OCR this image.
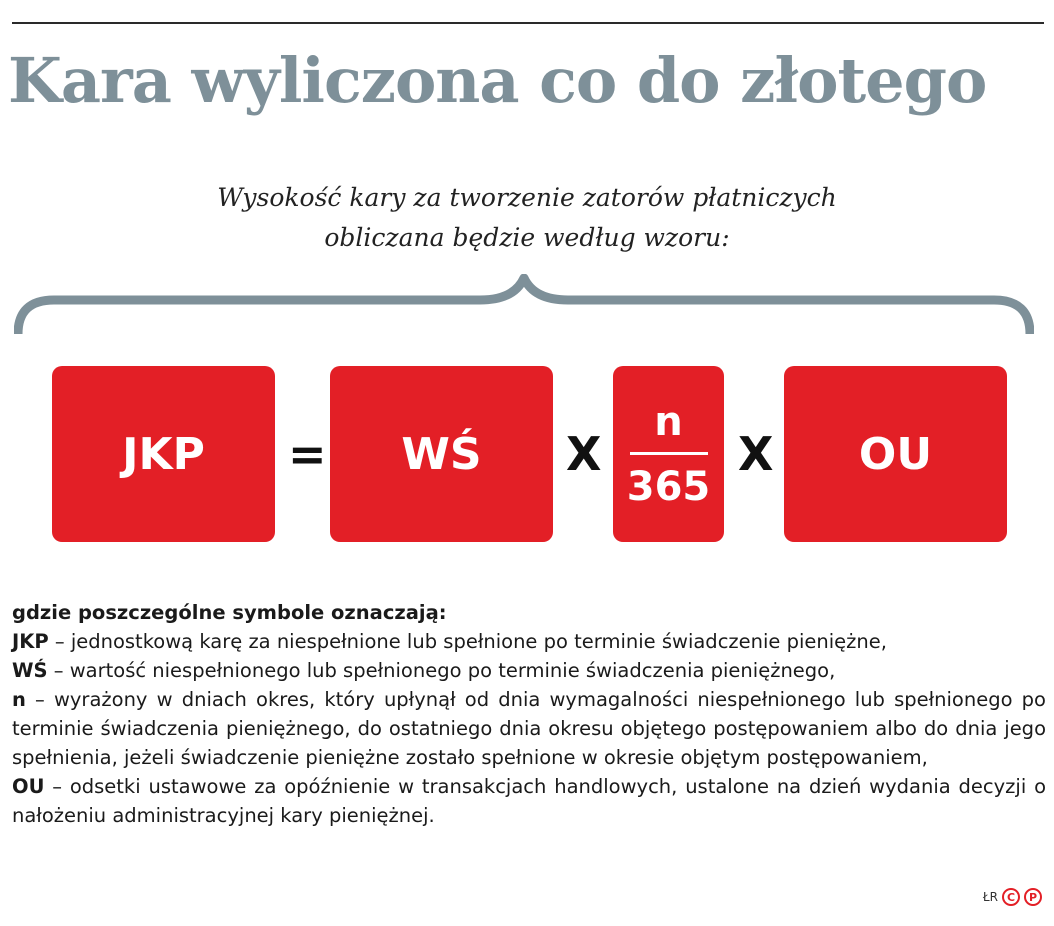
Kara wyliczona co do złotego
Wysokość kary za tworzenie zatorów płatniczych
obliczana będzie według wzoru:
JKP = WŚ X
n
365
X OU

gdzie poszczególne symbole oznaczają:

JKP – jednostkową karę za niespełnione lub spełnione po terminie świadczenie pieniężne,

WŚ – wartość niespełnionego lub spełnionego po terminie świadczenia pieniężnego,

n – wyrażony w dniach okres, który upłynął od dnia wymagalności niespełnionego lub spełnionego po terminie świadczenia pieniężnego, do ostatniego dnia okresu objętego postępowaniem albo do dnia jego spełnienia, jeżeli świadczenie pieniężne zostało spełnione w okresie objętym postępowaniem,

OU – odsetki ustawowe za opóźnienie w transakcjach handlowych, ustalone na dzień wydania decyzji o nałożeniu administracyjnej kary pieniężnej.

ŁR C	P
